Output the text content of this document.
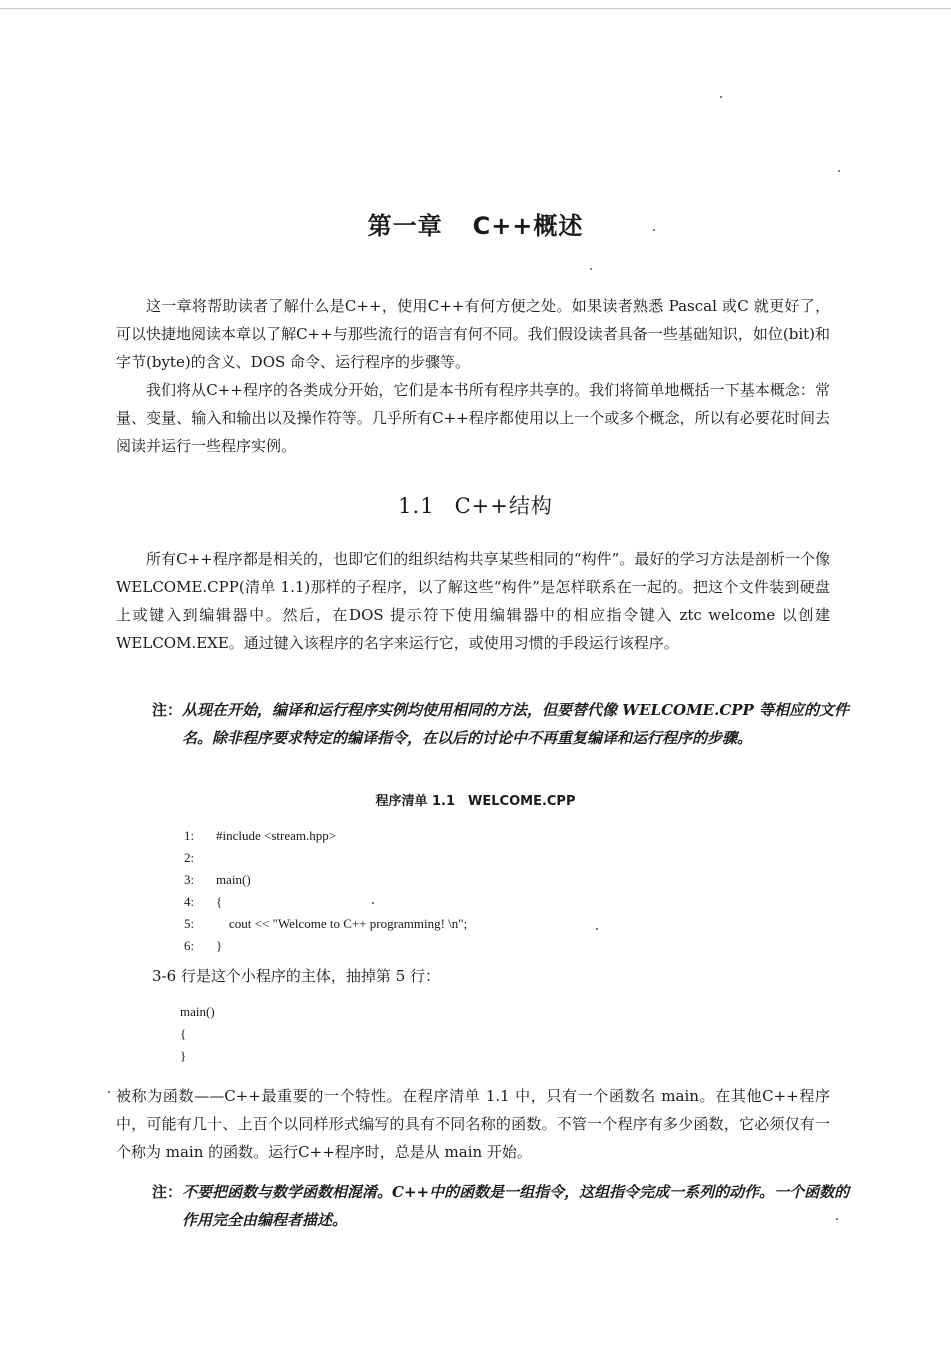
第一章 C++概述
这一章将帮助读者了解什么是C++，使用C++有何方便之处。如果读者熟悉 Pascal 或C 就更好了，可以快捷地阅读本章以了解C++与那些流行的语言有何不同。我们假设读者具备一些基础知识，如位(bit)和字节(byte)的含义、DOS 命令、运行程序的步骤等。
我们将从C++程序的各类成分开始，它们是本书所有程序共享的。我们将简单地概括一下基本概念：常量、变量、输入和输出以及操作符等。几乎所有C++程序都使用以上一个或多个概念，所以有必要花时间去阅读并运行一些程序实例。
1.1 C++结构
所有C++程序都是相关的，也即它们的组织结构共享某些相同的“构件”。最好的学习方法是剖析一个像 WELCOME.CPP(清单 1.1)那样的子程序，以了解这些“构件”是怎样联系在一起的。把这个文件装到硬盘上或键入到编辑器中。然后，在DOS 提示符下使用编辑器中的相应指令键入 ztc welcome 以创建 WELCOM.EXE。通过键入该程序的名字来运行它，或使用习惯的手段运行该程序。
注：从现在开始，编译和运行程序实例均使用相同的方法，但要替代像 WELCOME.CPP 等相应的文件名。除非程序要求特定的编译指令，在以后的讨论中不再重复编译和运行程序的步骤。
程序清单 1.1　WELCOME.CPP
1:	#include <stream.hpp>
2:
3:	main()
4:	{
5:	cout << "Welcome to C++ programming! \n";
6:	}
3-6 行是这个小程序的主体，抽掉第 5 行：
main()
{
}
被称为函数——C++最重要的一个特性。在程序清单 1.1 中，只有一个函数名 main。在其他C++程序中，可能有几十、上百个以同样形式编写的具有不同名称的函数。不管一个程序有多少函数，它必须仅有一个称为 main 的函数。运行C++程序时，总是从 main 开始。
注：不要把函数与数学函数相混淆。C++中的函数是一组指令，这组指令完成一系列的动作。一个函数的作用完全由编程者描述。
